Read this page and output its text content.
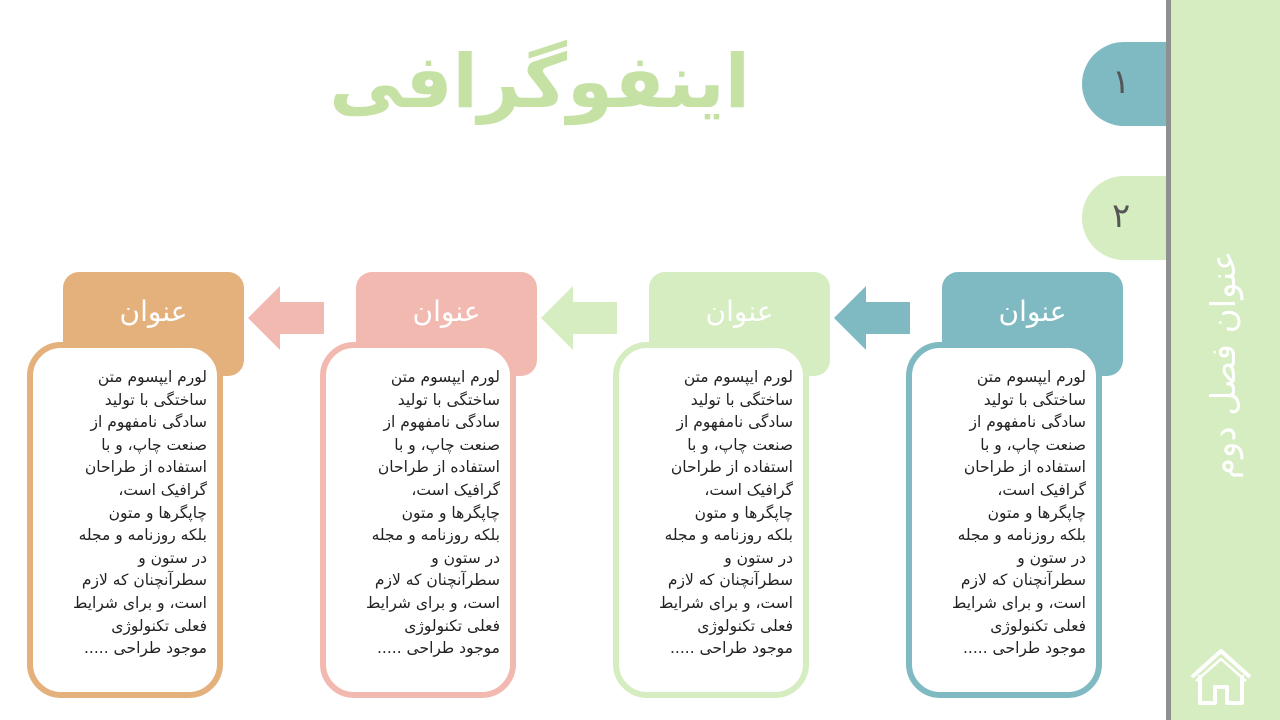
اینفوگرافی	۱
۲
عنوان فصل دوم
عنوان
لورم ایپسوم متن
ساختگی با تولید
سادگی نامفهوم از
صنعت چاپ، و با
استفاده از طراحان
گرافیک است،
چاپگرها و متون
بلکه روزنامه و مجله
در ستون و
سطرآنچنان که لازم
است، و برای شرایط
فعلی تکنولوژی
موجود طراحی .....
عنوان
لورم ایپسوم متن
ساختگی با تولید
سادگی نامفهوم از
صنعت چاپ، و با
استفاده از طراحان
گرافیک است،
چاپگرها و متون
بلکه روزنامه و مجله
در ستون و
سطرآنچنان که لازم
است، و برای شرایط
فعلی تکنولوژی
موجود طراحی .....
عنوان
لورم ایپسوم متن
ساختگی با تولید
سادگی نامفهوم از
صنعت چاپ، و با
استفاده از طراحان
گرافیک است،
چاپگرها و متون
بلکه روزنامه و مجله
در ستون و
سطرآنچنان که لازم
است، و برای شرایط
فعلی تکنولوژی
موجود طراحی .....
عنوان
لورم ایپسوم متن
ساختگی با تولید
سادگی نامفهوم از
صنعت چاپ، و با
استفاده از طراحان
گرافیک است،
چاپگرها و متون
بلکه روزنامه و مجله
در ستون و
سطرآنچنان که لازم
است، و برای شرایط
فعلی تکنولوژی
موجود طراحی .....
